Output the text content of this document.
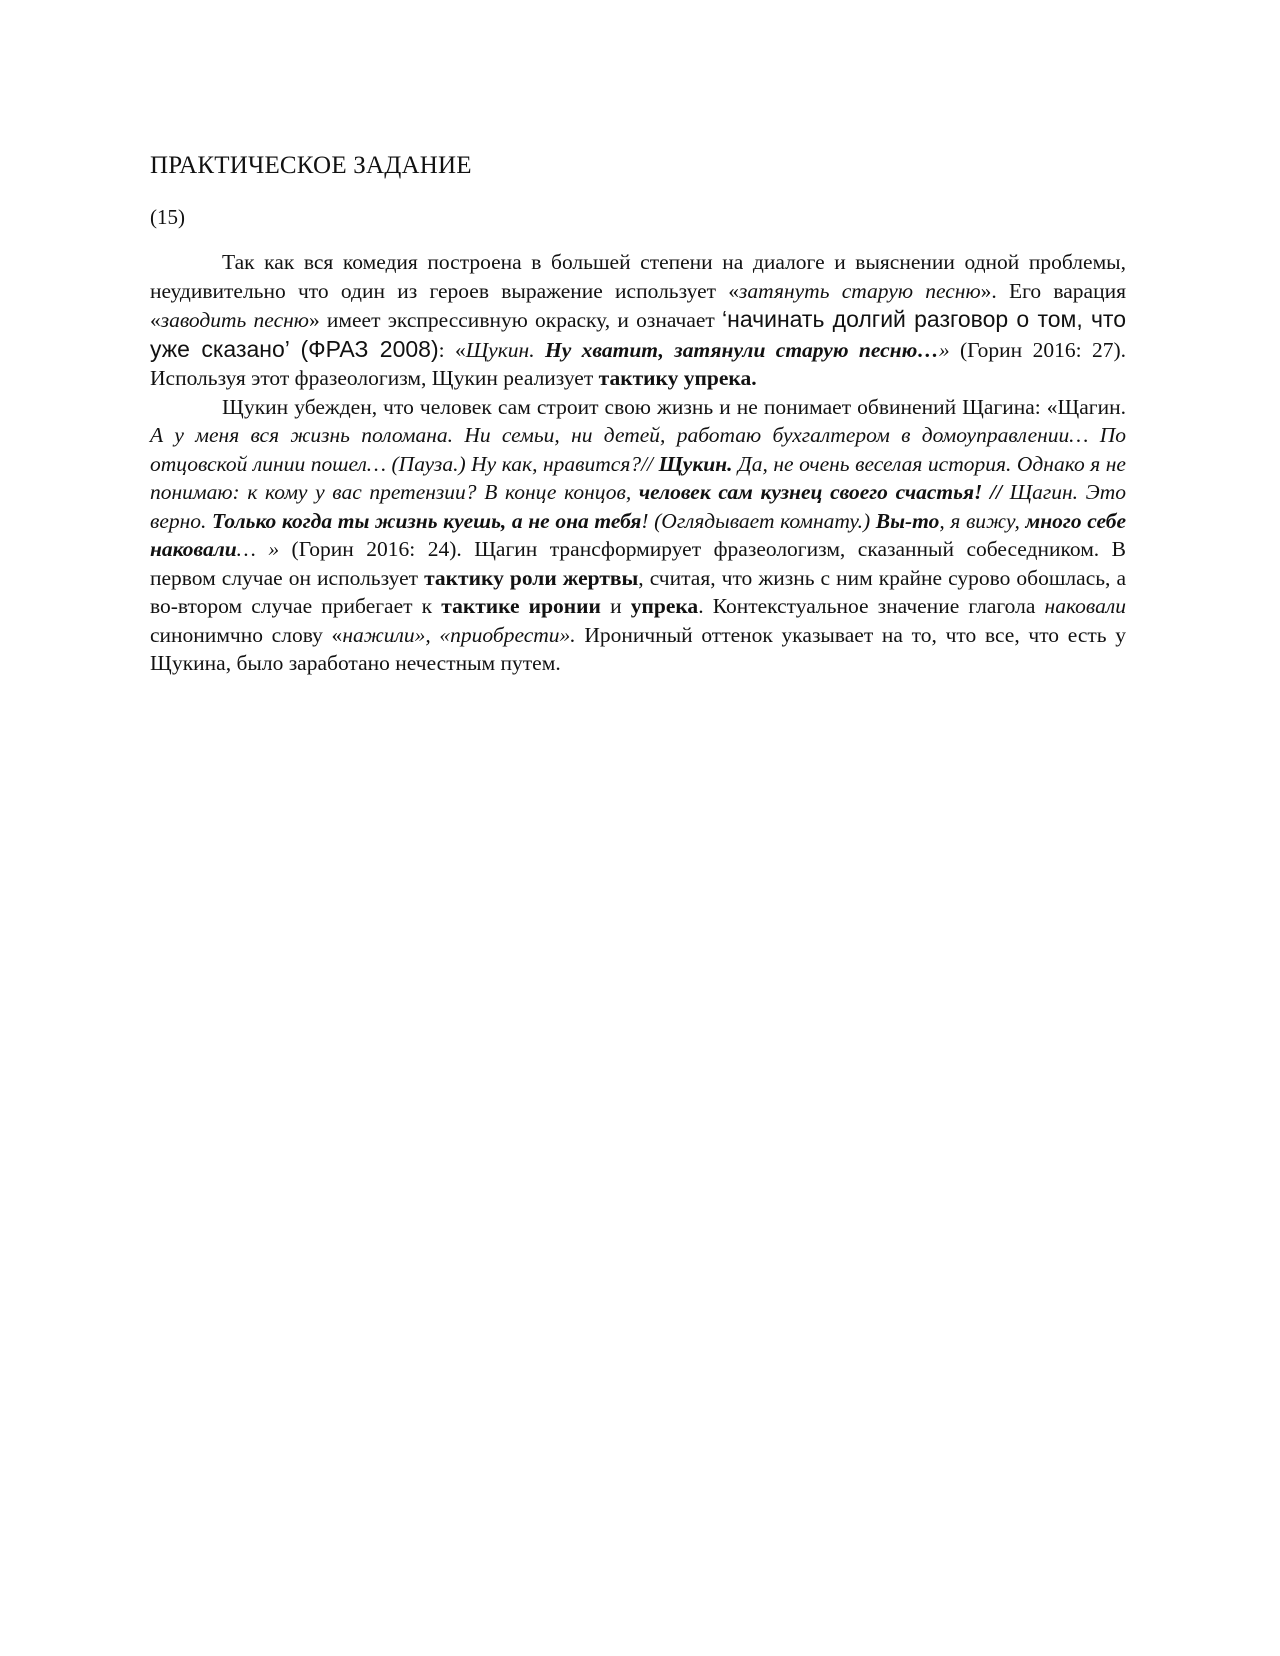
ПРАКТИЧЕСКОЕ ЗАДАНИЕ
(15)

Так как вся комедия построена в большей степени на диалоге и выяснении одной проблемы, неудивительно что один из героев выражение использует «затянуть старую песню». Его варация «заводить песню» имеет экспрессивную окраску, и означает ‘начинать долгий разговор о том, что уже сказано’ (ФРАЗ 2008): «Щукин. Ну хватит, затянули старую песню…» (Горин 2016: 27). Используя этот фразеологизм, Щукин реализует тактику упрека.

Щукин убежден, что человек сам строит свою жизнь и не понимает обвинений Щагина: «Щагин. А у меня вся жизнь поломана. Ни семьи, ни детей, работаю бухгалтером в домоуправлении… По отцовской линии пошел… (Пауза.) Ну как, нравится?// Щукин. Да, не очень веселая история. Однако я не понимаю: к кому у вас претензии? В конце концов, человек сам кузнец своего счастья! // Щагин. Это верно. Только когда ты жизнь куешь, а не она тебя! (Оглядывает комнату.) Вы-то, я вижу, много себе наковали… » (Горин 2016: 24). Щагин трансформирует фразеологизм, сказанный собеседником. В первом случае он использует тактику роли жертвы, считая, что жизнь с ним крайне сурово обошлась, а во-втором случае прибегает к тактике иронии и упрека. Контекстуальное значение глагола наковали синонимчно слову «нажили», «приобрести». Ироничный оттенок указывает на то, что все, что есть у Щукина, было заработано нечестным путем.
